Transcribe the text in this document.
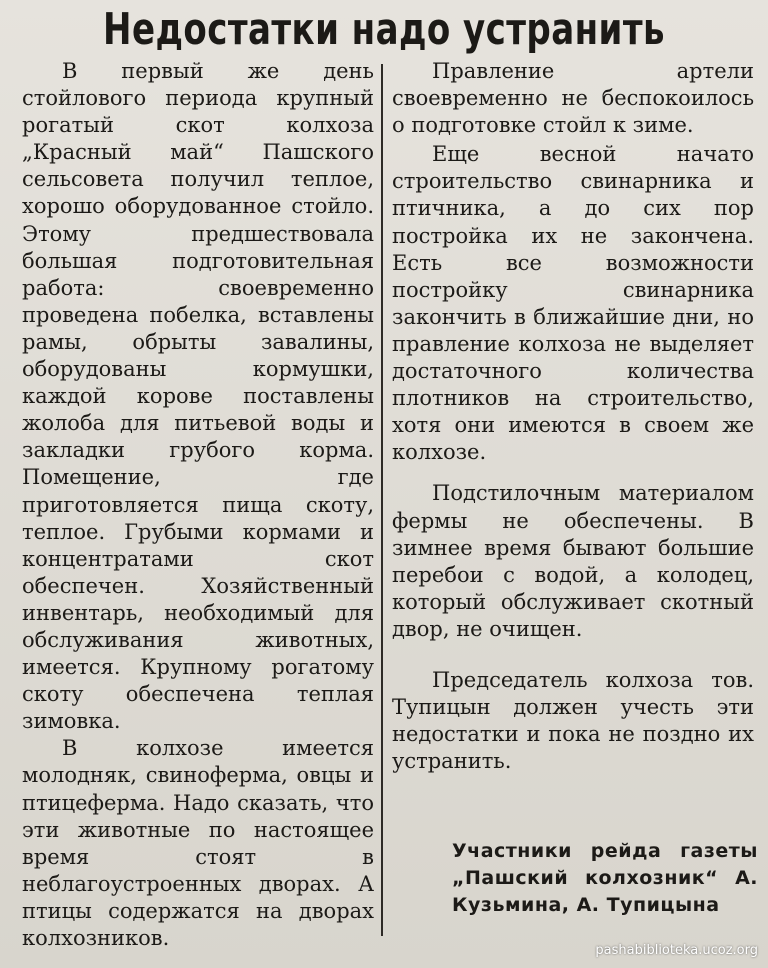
Недостатки надо устранить

В первый же день стойлового периода крупный рогатый скот колхоза „Красный май“ Пашского сельсовета получил теплое, хорошо оборудованное стойло. Этому предшествовала большая подготовительная работа: своевременно проведена побелка, вставлены рамы, обрыты завалины, оборудованы кормушки, каждой корове поставлены жолоба для питьевой воды и закладки грубого корма. Помещение, где приготовляется пища скоту, теплое. Грубыми кормами и концентратами скот обеспечен. Хозяйственный инвентарь, необходимый для обслуживания животных, имеется. Крупному рогатому скоту обеспечена теплая зимовка.

В колхозе имеется молодняк, свиноферма, овцы и птицеферма. Надо сказать, что эти животные по настоящее время стоят в неблагоустроенных дворах. А птицы содержатся на дворах колхозников.

Правление артели своевременно не беспокоилось о подготовке стойл к зиме.

Еще весной начато строительство свинарника и птичника, а до сих пор постройка их не закончена. Есть все возможности постройку свинарника закончить в ближайшие дни, но правление колхоза не выделяет достаточного количества плотников на строительство, хотя они имеются в своем же колхозе.

Подстилочным материалом фермы не обеспечены. В зимнее время бывают большие перебои с водой, а колодец, который обслуживает скотный двор, не очищен.

Председатель колхоза тов. Тупицын должен учесть эти недостатки и пока не поздно их устранить.

Участники рейда газеты „Пашский колхозник“ А. Кузьмина, А. Тупицына
pashabiblioteka.ucoz.org
